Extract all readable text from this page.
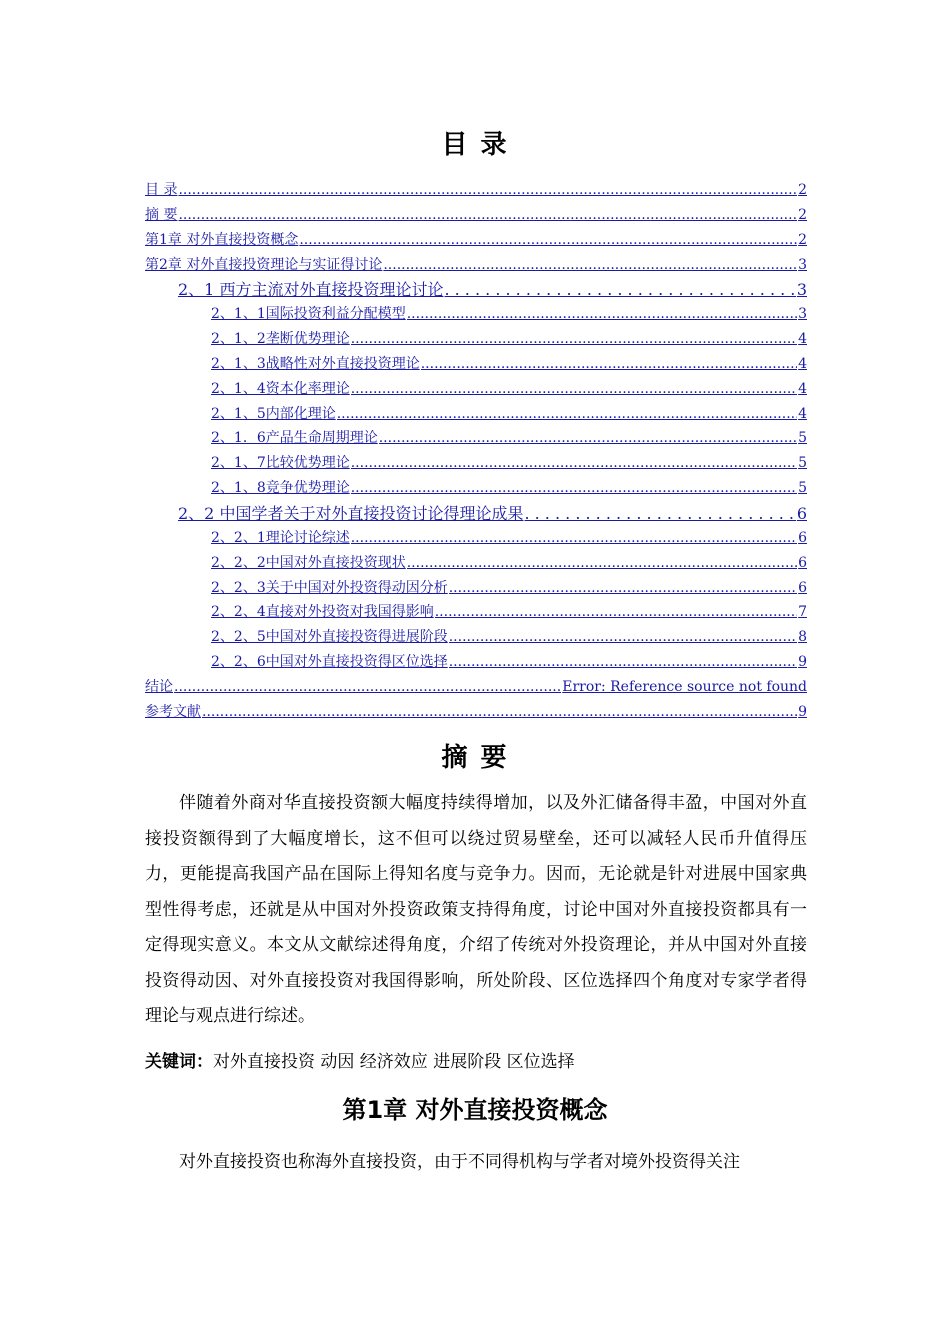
目 录
目 录 .....	2
摘 要 .....	2
第1章 对外直接投资概念 .....	2
第2章 对外直接投资理论与实证得讨论 .....	3
2、1 西方主流对外直接投资理论讨论 . . .	3
2、1、1国际投资利益分配模型 .....	3
2、1、2垄断优势理论 .....	4
2、1、3战略性对外直接投资理论 .....	4
2、1、4资本化率理论 .....	4
2、1、5内部化理论 .....	4
2、1．6产品生命周期理论 .....	5
2、1、7比较优势理论 .....	5
2、1、8竞争优势理论 .....	5
2、2 中国学者关于对外直接投资讨论得理论成果 . . .	6
2、2、1理论讨论综述 .....	6
2、2、2中国对外直接投资现状 .....	6
2、2、3关于中国对外投资得动因分析 .....	6
2、2、4直接对外投资对我国得影响 .....	7
2、2、5中国对外直接投资得进展阶段 .....	8
2、2、6中国对外直接投资得区位选择 .....	9
结论 .....	Error: Reference source not found
参考文献 .....	9
摘 要

伴随着外商对华直接投资额大幅度持续得增加，以及外汇储备得丰盈，中国对外直接投资额得到了大幅度增长，这不但可以绕过贸易壁垒，还可以减轻人民币升值得压力，更能提高我国产品在国际上得知名度与竞争力。因而，无论就是针对进展中国家典型性得考虑，还就是从中国对外投资政策支持得角度，讨论中国对外直接投资都具有一定得现实意义。本文从文献综述得角度，介绍了传统对外投资理论，并从中国对外直接投资得动因、对外直接投资对我国得影响，所处阶段、区位选择四个角度对专家学者得理论与观点进行综述。

关键词：对外直接投资 动因 经济效应 进展阶段 区位选择
第1章 对外直接投资概念

对外直接投资也称海外直接投资，由于不同得机构与学者对境外投资得关注
